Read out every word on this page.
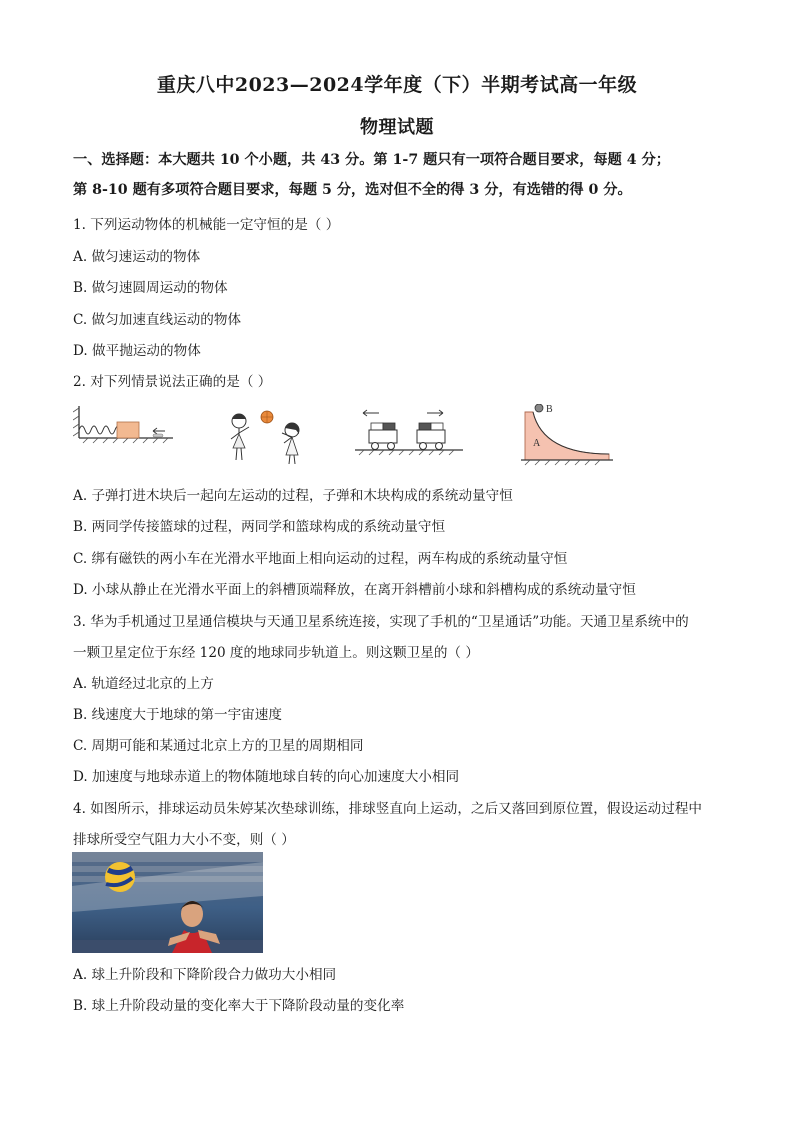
重庆八中2023—2024学年度（下）半期考试高一年级
物理试题
一、选择题：本大题共 10 个小题，共 43 分。第 1-7 题只有一项符合题目要求，每题 4 分；
第 8-10 题有多项符合题目要求，每题 5 分，选对但不全的得 3 分，有选错的得 0 分。
1. 下列运动物体的机械能一定守恒的是（ ）
A. 做匀速运动的物体
B. 做匀速圆周运动的物体
C. 做匀加速直线运动的物体
D. 做平抛运动的物体
2. 对下列情景说法正确的是（ ）
B
A
A. 子弹打进木块后一起向左运动的过程，子弹和木块构成的系统动量守恒
B. 两同学传接篮球的过程，两同学和篮球构成的系统动量守恒
C. 绑有磁铁的两小车在光滑水平地面上相向运动的过程，两车构成的系统动量守恒
D. 小球从静止在光滑水平面上的斜槽顶端释放，在离开斜槽前小球和斜槽构成的系统动量守恒
3. 华为手机通过卫星通信模块与天通卫星系统连接，实现了手机的“卫星通话”功能。天通卫星系统中的
一颗卫星定位于东经 120 度的地球同步轨道上。则这颗卫星的（ ）
A. 轨道经过北京的上方
B. 线速度大于地球的第一宇宙速度
C. 周期可能和某通过北京上方的卫星的周期相同
D. 加速度与地球赤道上的物体随地球自转的向心加速度大小相同
4. 如图所示，排球运动员朱婷某次垫球训练，排球竖直向上运动，之后又落回到原位置，假设运动过程中
排球所受空气阻力大小不变，则（ ）
A. 球上升阶段和下降阶段合力做功大小相同
B. 球上升阶段动量的变化率大于下降阶段动量的变化率
